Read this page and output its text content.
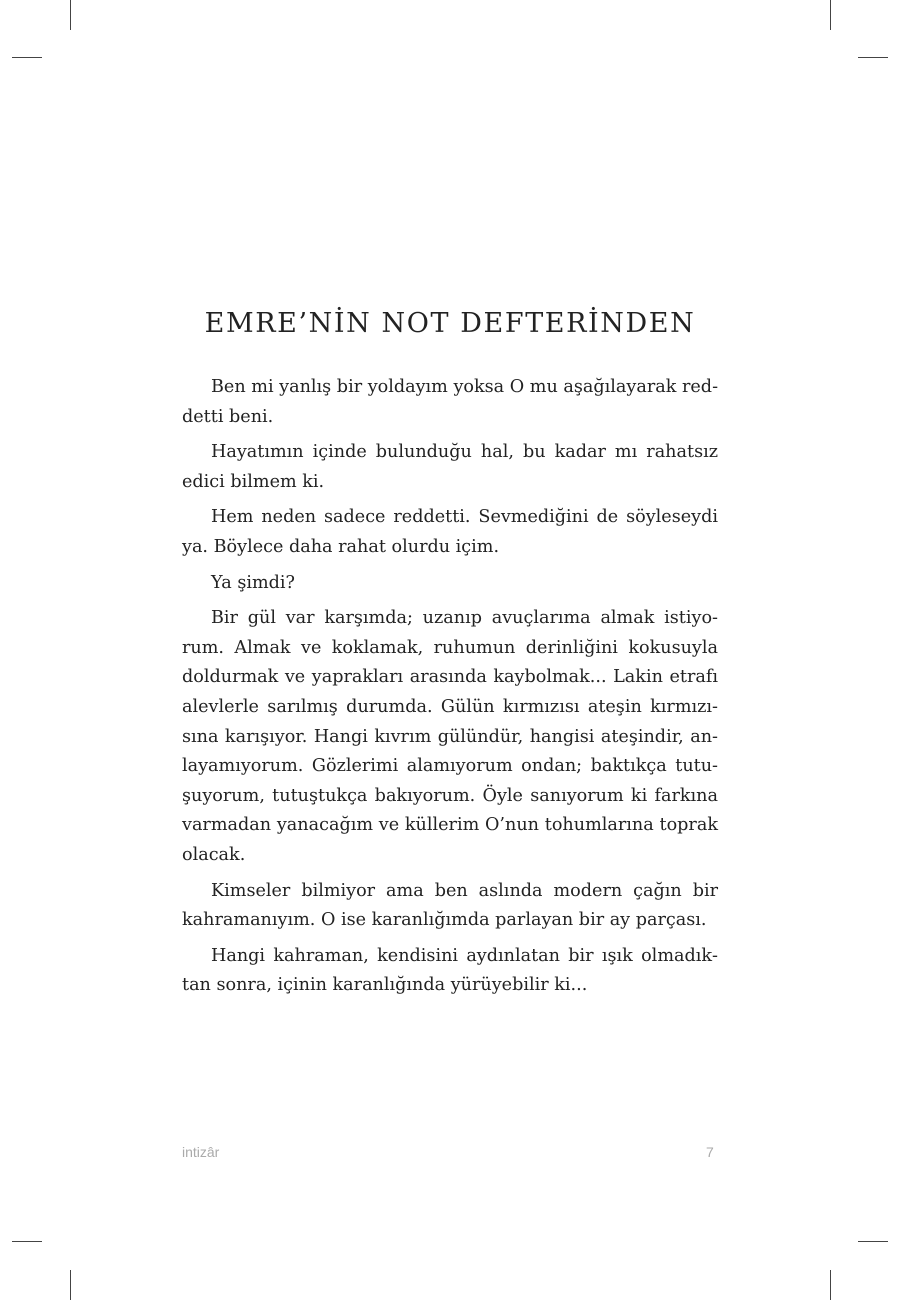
EMRE’NİN NOT DEFTERİNDEN

Ben mi yanlış bir yoldayım yoksa O mu aşağılayarak reddetti beni.

Hayatımın içinde bulunduğu hal, bu kadar mı rahatsız edici bilmem ki.

Hem neden sadece reddetti. Sevmediğini de söyleseydi ya. Böylece daha rahat olurdu içim.

Ya şimdi?

Bir gül var karşımda; uzanıp avuçlarıma almak istiyorum. Almak ve koklamak, ruhumun derinliğini kokusuyla doldurmak ve yaprakları arasında kaybolmak... Lakin etrafı alevlerle sarılmış durumda. Gülün kırmızısı ateşin kırmızısına karışıyor. Hangi kıvrım gülündür, hangisi ateşindir, anlayamıyorum. Gözlerimi alamıyorum ondan; baktıkça tutuşuyorum, tutuştukça bakıyorum. Öyle sanıyorum ki farkına varmadan yanacağım ve küllerim O’nun tohumlarına toprak olacak.

Kimseler bilmiyor ama ben aslında modern çağın bir kahramanıyım. O ise karanlığımda parlayan bir ay parçası.

Hangi kahraman, kendisini aydınlatan bir ışık olmadıktan sonra, içinin karanlığında yürüyebilir ki...

intizâr	7
